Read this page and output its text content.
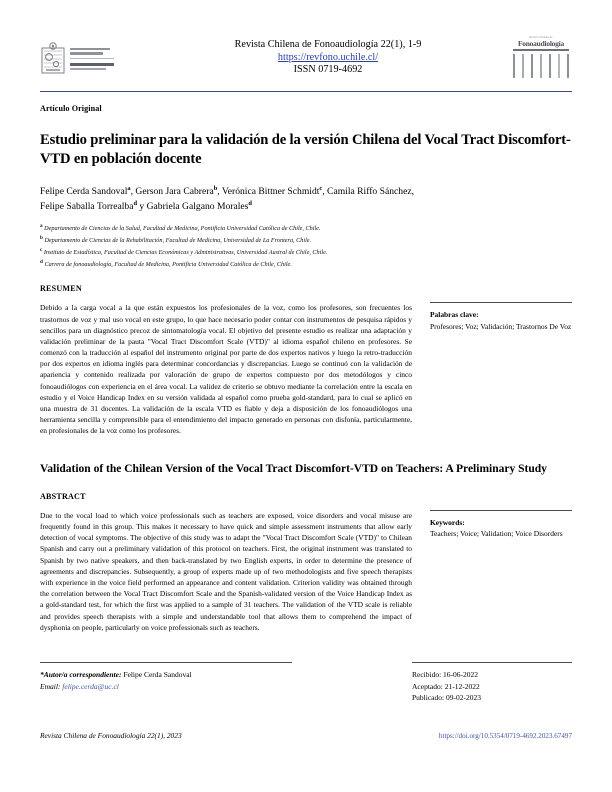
Revista Chilena de Fonoaudiología 22(1), 1-9
https://revfono.uchile.cl/
ISSN 0719-4692
Revista Chilena de
Fonoaudiología
Artículo Original
Estudio preliminar para la validación de la versión Chilena del Vocal Tract Discomfort-VTD en población docente
Felipe Cerda Sandoval$^a$, Gerson Jara Cabrera$^b$, Verónica Bittner Schmidt$^c$, Camila Riffo Sánchez,
Felipe Saballa Torrealba$^d$ y Gabriela Galgano Morales$^d$
$^a$ Departamento de Ciencias de la Salud, Facultad de Medicina, Pontificia Universidad Católica de Chile, Chile.
$^b$ Departamento de Ciencias de la Rehabilitación, Facultad de Medicina, Universidad de La Frontera, Chile.
$^c$ Instituto de Estadística, Facultad de Ciencias Económicas y Administrativas, Universidad Austral de Chile, Chile.
$^d$ Carrera de fonoaudiología, Facultad de Medicina, Pontificia Universidad Católica de Chile, Chile.
RESUMEN
Debido a la carga vocal a la que están expuestos los profesionales de la voz, como los profesores, son frecuentes los trastornos de voz y mal uso vocal en este grupo, lo que hace necesario poder contar con instrumentos de pesquisa rápidos y sencillos para un diagnóstico precoz de sintomatología vocal. El objetivo del presente estudio es realizar una adaptación y validación preliminar de la pauta "Vocal Tract Discomfort Scale (VTD)" al idioma español chileno en profesores. Se comenzó con la traducción al español del instrumento original por parte de dos expertos nativos y luego la retro-traducción por dos expertos en idioma inglés para determinar concordancias y discrepancias. Luego se continuó con la validación de apariencia y contenido realizada por valoración de grupo de expertos compuesto por dos metodólogos y cinco fonoaudiólogos con experiencia en el área vocal. La validez de criterio se obtuvo mediante la correlación entre la escala en estudio y el Voice Handicap Index en su versión validada al español como prueba gold-standard, para lo cual se aplicó en una muestra de 31 docentes. La validación de la escala VTD es fiable y deja a disposición de los fonoaudiólogos una herramienta sencilla y comprensible para el entendimiento del impacto generado en personas con disfonía, particularmente, en profesionales de la voz como los profesores.
Palabras clave:
Profesores; Voz; Validación; Trastornos De Voz
Validation of the Chilean Version of the Vocal Tract Discomfort-VTD on Teachers: A Preliminary Study
ABSTRACT
Due to the vocal load to which voice professionals such as teachers are exposed, voice disorders and vocal misuse are frequently found in this group. This makes it necessary to have quick and simple assessment instruments that allow early detection of vocal symptoms. The objective of this study was to adapt the "Vocal Tract Discomfort Scale (VTD)" to Chilean Spanish and carry out a preliminary validation of this protocol on teachers. First, the original instrument was translated to Spanish by two native speakers, and then back-translated by two English experts, in order to determine the presence of agreements and discrepancies. Subsequently, a group of experts made up of two methodologists and five speech therapists with experience in the voice field performed an appearance and content validation. Criterion validity was obtained through the correlation between the Vocal Tract Discomfort Scale and the Spanish-validated version of the Voice Handicap Index as a gold-standard test, for which the first was applied to a sample of 31 teachers. The validation of the VTD scale is reliable and provides speech therapists with a simple and understandable tool that allows them to comprehend the impact of dysphonia on people, particularly on voice professionals such as teachers.
Keywords:
Teachers; Voice; Validation; Voice Disorders
*Autor/a correspondiente: Felipe Cerda Sandoval
Email: felipe.cerda@uc.cl
Recibido: 16-06-2022
Aceptado: 21-12-2022
Publicado: 09-02-2023
Revista Chilena de Fonoaudiología 22(1), 2023	https://doi.org/10.5354/0719-4692.2023.67497
